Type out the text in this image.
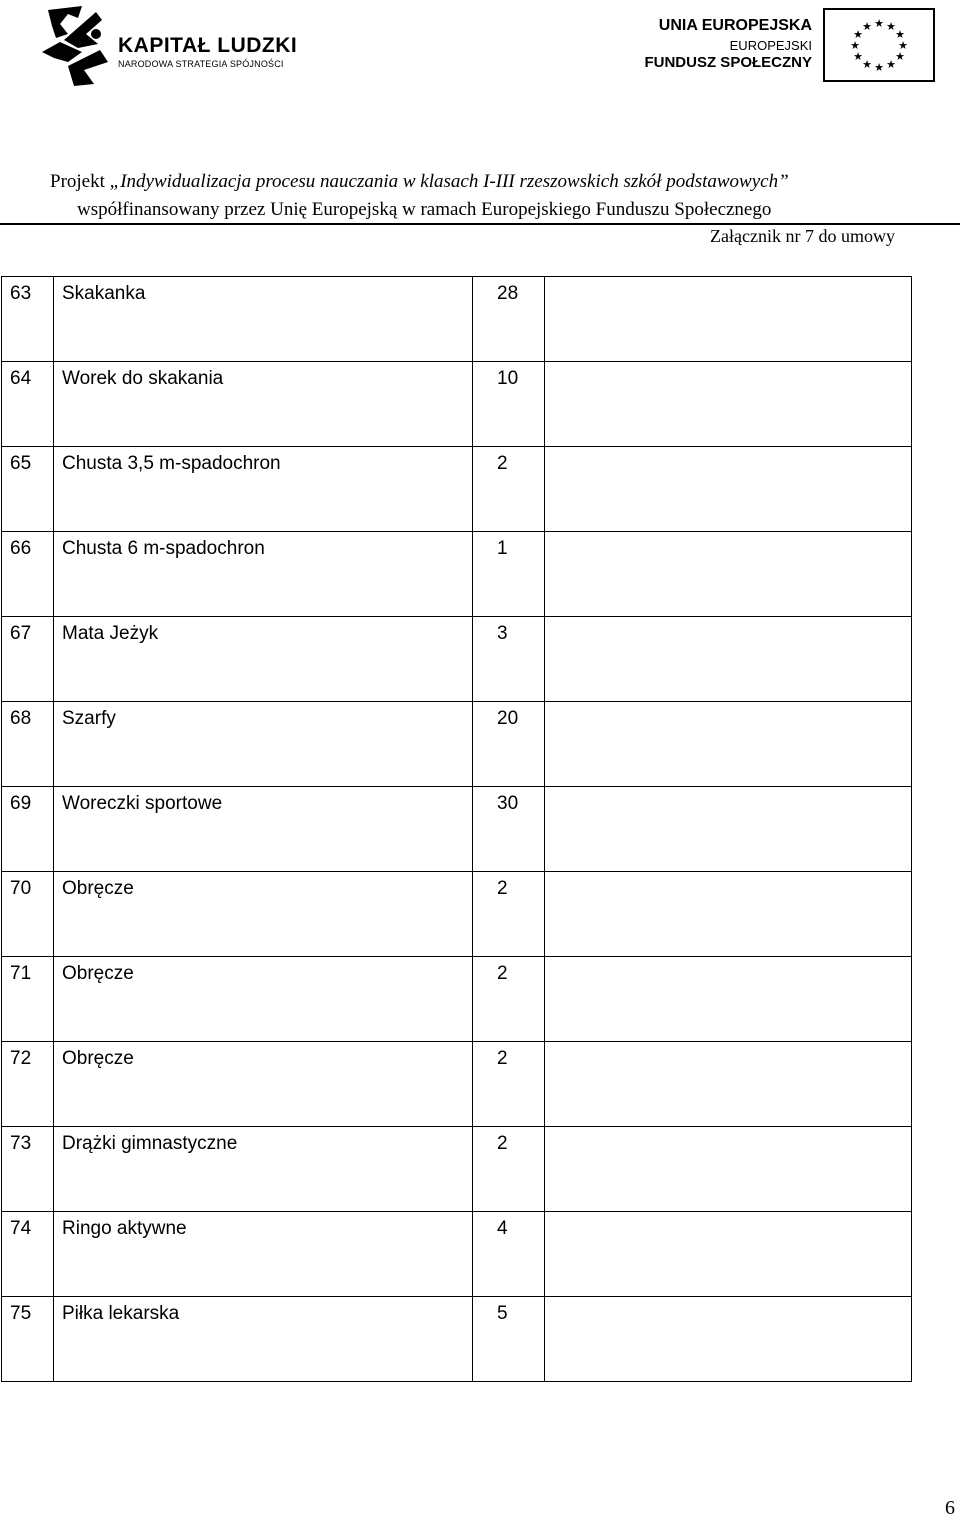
KAPITAŁ LUDZKI
NARODOWA STRATEGIA SPÓJNOŚCI
UNIA EUROPEJSKA
EUROPEJSKI
FUNDUSZ SPOŁECZNY
★ ★
★
★
★
★
★
★
★
★
★
★
Projekt „Indywidualizacja procesu nauczania w klasach I-III rzeszowskich szkół podstawowych”
współfinansowany przez Unię Europejską w ramach Europejskiego Funduszu Społecznego
Załącznik nr 7 do umowy
63	Skakanka	28	

64	Worek do skakania	10	

65	Chusta 3,5 m-spadochron	2	

66	Chusta 6 m-spadochron	1	

67	Mata Jeżyk	3	

68	Szarfy	20	

69	Woreczki sportowe	30	

70	Obręcze	2	

71	Obręcze	2	

72	Obręcze	2	

73	Drążki gimnastyczne	2	

74	Ringo aktywne	4	

75	Piłka lekarska	5	

6
